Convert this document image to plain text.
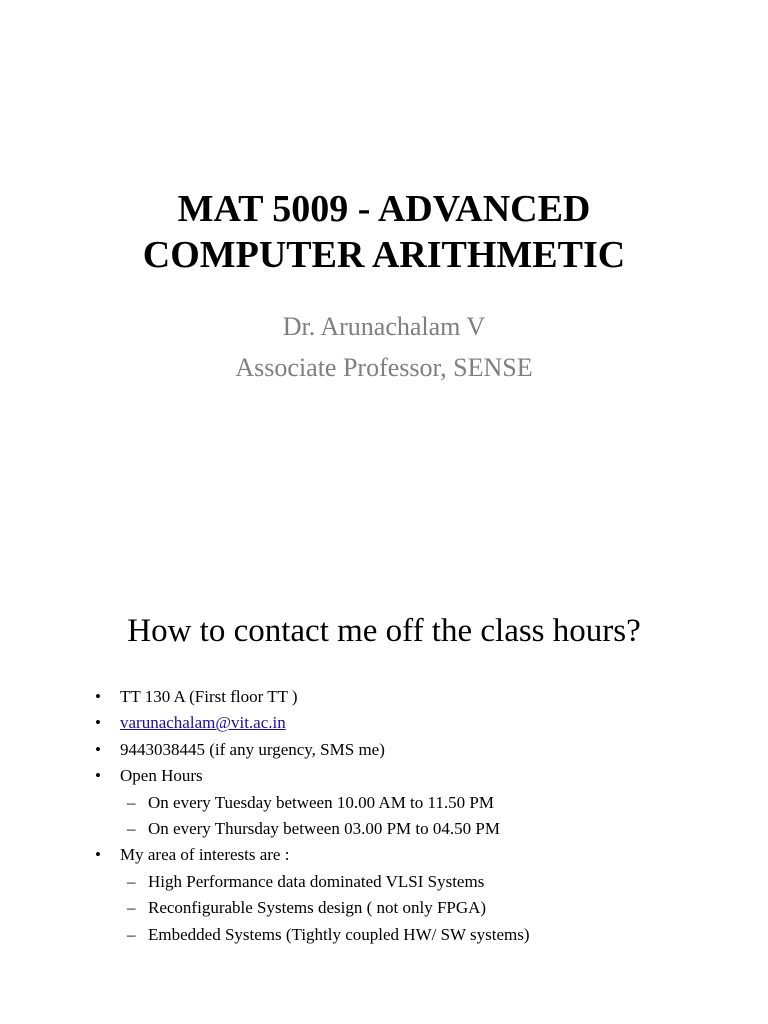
MAT 5009 - ADVANCED
COMPUTER ARITHMETIC
Dr. Arunachalam V
Associate Professor, SENSE
How to contact me off the class hours?
• TT 130 A (First floor TT )
• varunachalam@vit.ac.in
• 9443038445 (if any urgency, SMS me)
• Open Hours
– On every Tuesday between 10.00 AM to 11.50 PM
– On every Thursday between 03.00 PM to 04.50 PM
• My area of interests are :
– High Performance data dominated VLSI Systems
– Reconfigurable Systems design ( not only FPGA)
– Embedded Systems (Tightly coupled HW/ SW systems)
